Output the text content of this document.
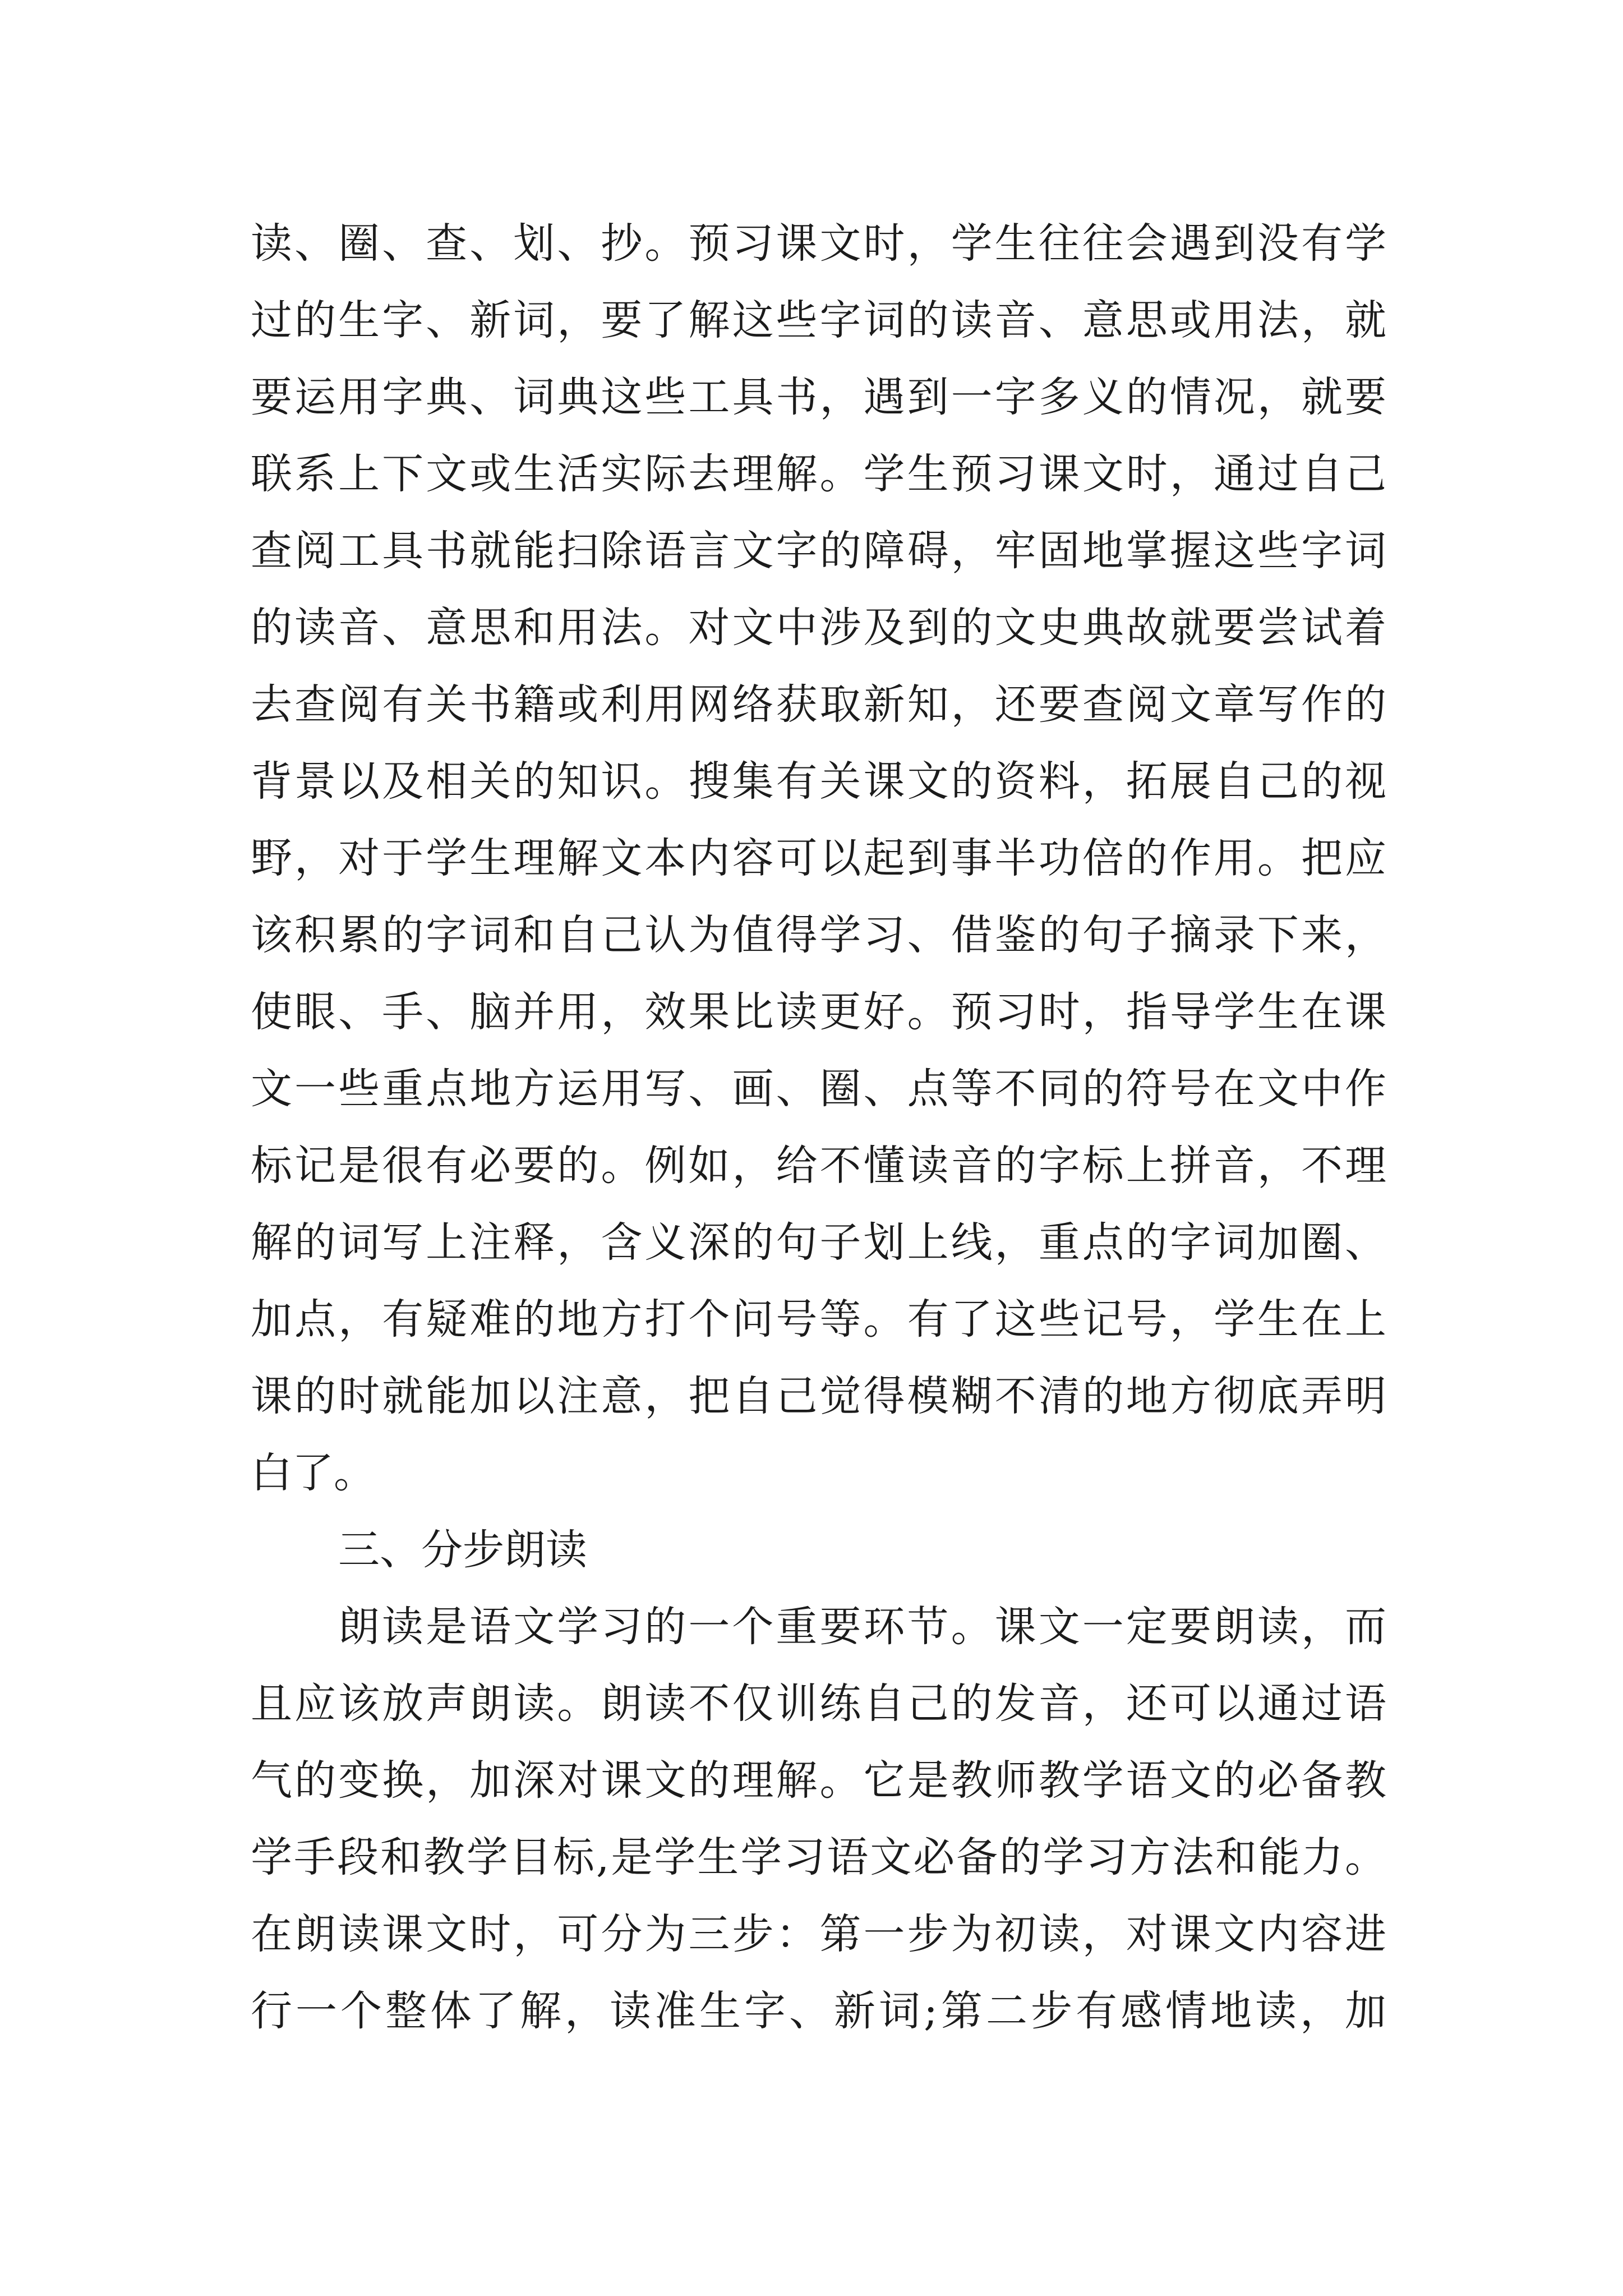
读、圈、查、划、抄。预习课文时，学生往往会遇到没有学
过的生字、新词，要了解这些字词的读音、意思或用法，就
要运用字典、词典这些工具书，遇到一字多义的情况，就要
联系上下文或生活实际去理解。学生预习课文时，通过自己
查阅工具书就能扫除语言文字的障碍，牢固地掌握这些字词
的读音、意思和用法。对文中涉及到的文史典故就要尝试着
去查阅有关书籍或利用网络获取新知，还要查阅文章写作的
背景以及相关的知识。搜集有关课文的资料，拓展自己的视
野，对于学生理解文本内容可以起到事半功倍的作用。把应
该积累的字词和自己认为值得学习、借鉴的句子摘录下来，
使眼、手、脑并用，效果比读更好。预习时，指导学生在课
文一些重点地方运用写、画、圈、点等不同的符号在文中作
标记是很有必要的。例如，给不懂读音的字标上拼音，不理
解的词写上注释，含义深的句子划上线，重点的字词加圈、
加点，有疑难的地方打个问号等。有了这些记号，学生在上
课的时就能加以注意，把自己觉得模糊不清的地方彻底弄明
白了。
三、分步朗读
朗读是语文学习的一个重要环节。课文一定要朗读，而
且应该放声朗读。朗读不仅训练自己的发音，还可以通过语
气的变换，加深对课文的理解。它是教师教学语文的必备教
学手段和教学目标,是学生学习语文必备的学习方法和能力。
在朗读课文时，可分为三步：第一步为初读，对课文内容进
行一个整体了解，读准生字、新词;第二步有感情地读，加
